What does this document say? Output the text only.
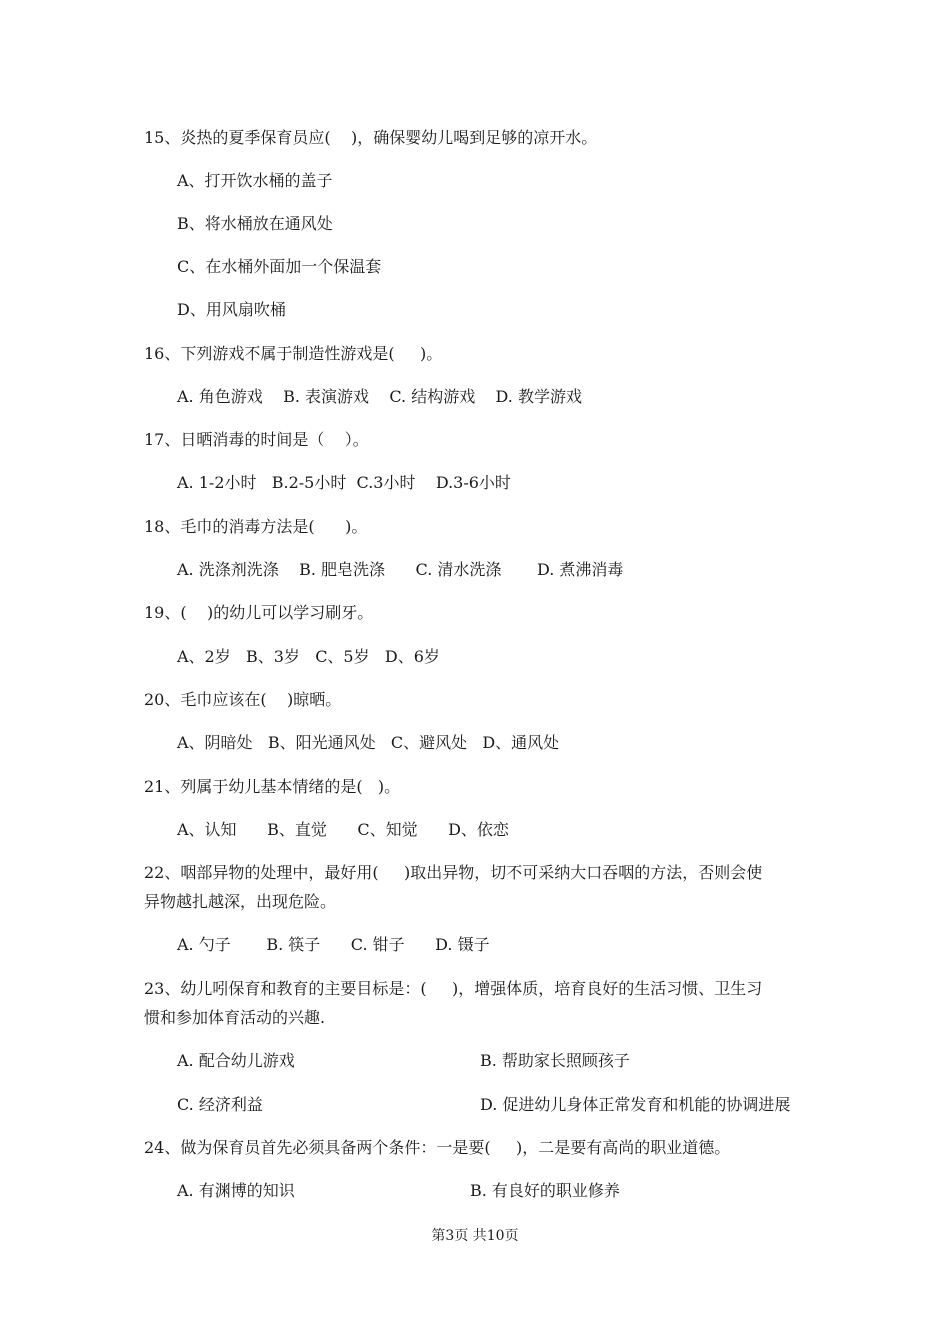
15、炎热的夏季保育员应(    )，确保婴幼儿喝到足够的凉开水。

A、打开饮水桶的盖子

B、将水桶放在通风处

C、在水桶外面加一个保温套

D、用风扇吹桶

16、下列游戏不属于制造性游戏是(     )。

A. 角色游戏    B. 表演游戏    C. 结构游戏    D. 教学游戏

17、日晒消毒的时间是（    ）。

A. 1-2小时   B.2-5小时  C.3小时    D.3-6小时

18、毛巾的消毒方法是(      )。

A. 洗涤剂洗涤    B. 肥皂洗涤      C. 清水洗涤       D. 煮沸消毒

19、(    )的幼儿可以学习刷牙。

A、2岁   B、3岁   C、5岁   D、6岁

20、毛巾应该在(    )晾晒。

A、阴暗处   B、阳光通风处   C、避风处   D、通风处

21、列属于幼儿基本情绪的是(   )。

A、认知      B、直觉      C、知觉      D、依恋

22、咽部异物的处理中，最好用(     )取出异物，切不可采纳大口吞咽的方法，否则会使

异物越扎越深，出现危险。

A. 勺子       B. 筷子      C. 钳子      D. 镊子

23、幼儿吲保育和教育的主要目标是：(     )，增强体质，培育良好的生活习惯、卫生习

惯和参加体育活动的兴趣.

A. 配合幼儿游戏	B. 帮助家长照顾孩子

C. 经济利益	D. 促进幼儿身体正常发育和机能的协调进展

24、做为保育员首先必须具备两个条件：一是要(     )，二是要有高尚的职业道德。

A. 有渊博的知识	B. 有良好的职业修养

第3页 共10页
